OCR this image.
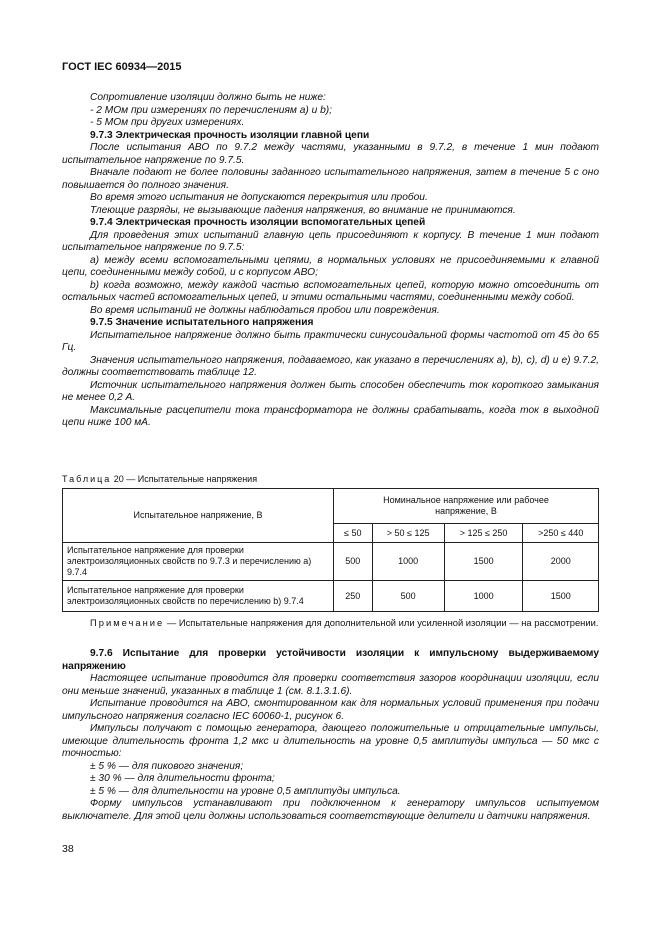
ГОСТ IEC 60934—2015

Сопротивление изоляции должно быть не ниже:

- 2 МОм при измерениях по перечислениям a) и b);

- 5 МОм при других измерениях.

9.7.3 Электрическая прочность изоляции главной цепи

После испытания АВО по 9.7.2 между частями, указанными в 9.7.2, в течение 1 мин подают испытательное напряжение по 9.7.5.

Вначале подают не более половины заданного испытательного напряжения, затем в течение 5 с оно повышается до полного значения.

Во время этого испытания не допускаются перекрытия или пробои.

Тлеющие разряды, не вызывающие падения напряжения, во внимание не принимаются.

9.7.4 Электрическая прочность изоляции вспомогательных цепей

Для проведения этих испытаний главную цепь присоединяют к корпусу. В течение 1 мин подают испытательное напряжение по 9.7.5:

a) между всеми вспомогательными цепями, в нормальных условиях не присоединяемыми к главной цепи, соединенными между собой, и с корпусом АВО;

b) когда возможно, между каждой частью вспомогательных цепей, которую можно отсоединить от остальных частей вспомогательных цепей, и этими остальными частями, соединенными между собой.

Во время испытаний не должны наблюдаться пробои или повреждения.

9.7.5 Значение испытательного напряжения

Испытательное напряжение должно быть практически синусоидальной формы частотой от 45 до 65 Гц.

Значения испытательного напряжения, подаваемого, как указано в перечислениях a), b), c), d) и e) 9.7.2, должны соответствовать таблице 12.

Источник испытательного напряжения должен быть способен обеспечить ток короткого замыкания не менее 0,2 А.

Максимальные расцепители тока трансформатора не должны срабатывать, когда ток в выходной цепи ниже 100 мА.

Таблица 20 — Испытательные напряжения
Испытательное напряжение, В	Номинальное напряжение или рабочее напряжение, В			
	≤ 50	> 50 ≤ 125	> 125 ≤ 250	>250 ≤ 440
Испытательное напряжение для проверки электроизоляционных свойств по 9.7.3 и перечислению a) 9.7.4	500	1000	1500	2000
Испытательное напряжение для проверки электроизоляционных свойств по перечислению b) 9.7.4	250	500	1000	1500
Примечание — Испытательные напряжения для дополнительной или усиленной изоляции — на рассмотрении.

9.7.6 Испытание для проверки устойчивости изоляции к импульсному выдерживаемому напряжению

Настоящее испытание проводится для проверки соответствия зазоров координации изоляции, если они меньше значений, указанных в таблице 1 (см. 8.1.3.1.6).

Испытание проводится на АВО, смонтированном как для нормальных условий применения при подачи импульсного напряжения согласно IEC 60060-1, рисунок 6.

Импульсы получают с помощью генератора, дающего положительные и отрицательные импульсы, имеющие длительность фронта 1,2 мкс и длительность на уровне 0,5 амплитуды импульса — 50 мкс с точностью:

± 5 % — для пикового значения;

± 30 % — для длительности фронта;

± 5 % — для длительности на уровне 0,5 амплитуды импульса.

Форму импульсов устанавливают при подключенном к генератору импульсов испытуемом выключателе. Для этой цели должны использоваться соответствующие делители и датчики напряжения.

38
